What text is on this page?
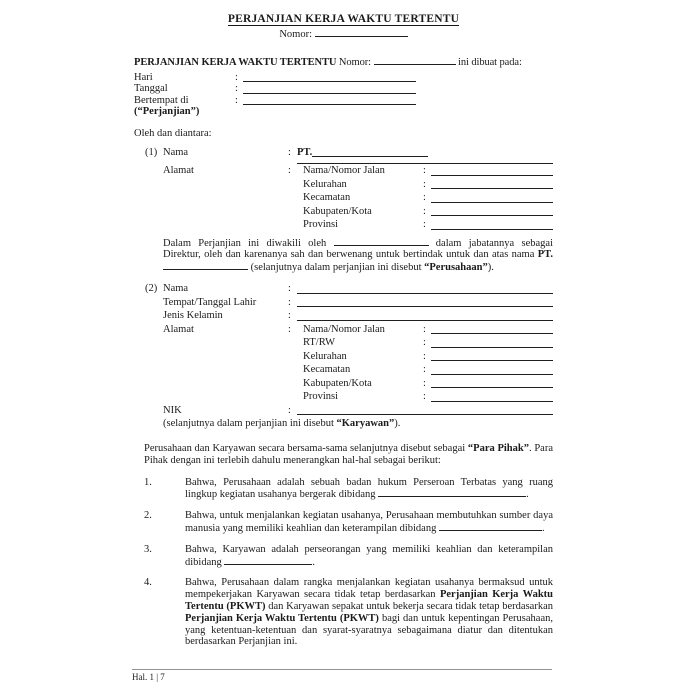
PERJANJIAN KERJA WAKTU TERTENTU
Nomor:
PERJANJIAN KERJA WAKTU TERTENTU Nomor:	ini dibuat pada:
Hari	:
Tanggal	:
Bertempat di	:
(“Perjanjian”)
Oleh dan diantara:
(1) Nama	: PT.
Alamat	:	Nama/Nomor Jalan	:
Kelurahan	:
Kecamatan	:
Kabupaten/Kota	:
Provinsi	:
Dalam Perjanjian ini diwakili oleh	dalam jabatannya sebagai Direktur, oleh dan karenanya sah dan berwenang untuk bertindak untuk dan atas nama PT.  (selanjutnya dalam perjanjian ini disebut “Perusahaan”).
(2) Nama	:
Tempat/Tanggal Lahir	:
Jenis Kelamin	:
Alamat	:	Nama/Nomor Jalan	:
RT/RW	:
Kelurahan	:
Kecamatan	:
Kabupaten/Kota	:
Provinsi	:
NIK	:
(selanjutnya dalam perjanjian ini disebut “Karyawan”).
Perusahaan dan Karyawan secara bersama-sama selanjutnya disebut sebagai “Para Pihak”. Para Pihak dengan ini terlebih dahulu menerangkan hal-hal sebagai berikut:
1.	Bahwa, Perusahaan adalah sebuah badan hukum Perseroan Terbatas yang ruang lingkup kegiatan usahanya bergerak dibidang	.
2.	Bahwa, untuk menjalankan kegiatan usahanya, Perusahaan membutuhkan sumber daya manusia yang memiliki keahlian dan keterampilan dibidang	.
3.	Bahwa, Karyawan adalah perseorangan yang memiliki keahlian dan keterampilan dibidang	.
4.	Bahwa, Perusahaan dalam rangka menjalankan kegiatan usahanya bermaksud untuk mempekerjakan Karyawan secara tidak tetap berdasarkan Perjanjian Kerja Waktu Tertentu (PKWT) dan Karyawan sepakat untuk bekerja secara tidak tetap berdasarkan Perjanjian Kerja Waktu Tertentu (PKWT) bagi dan untuk kepentingan Perusahaan, yang ketentuan-ketentuan dan syarat-syaratnya sebagaimana diatur dan ditentukan berdasarkan Perjanjian ini.
Hal. 1 | 7
